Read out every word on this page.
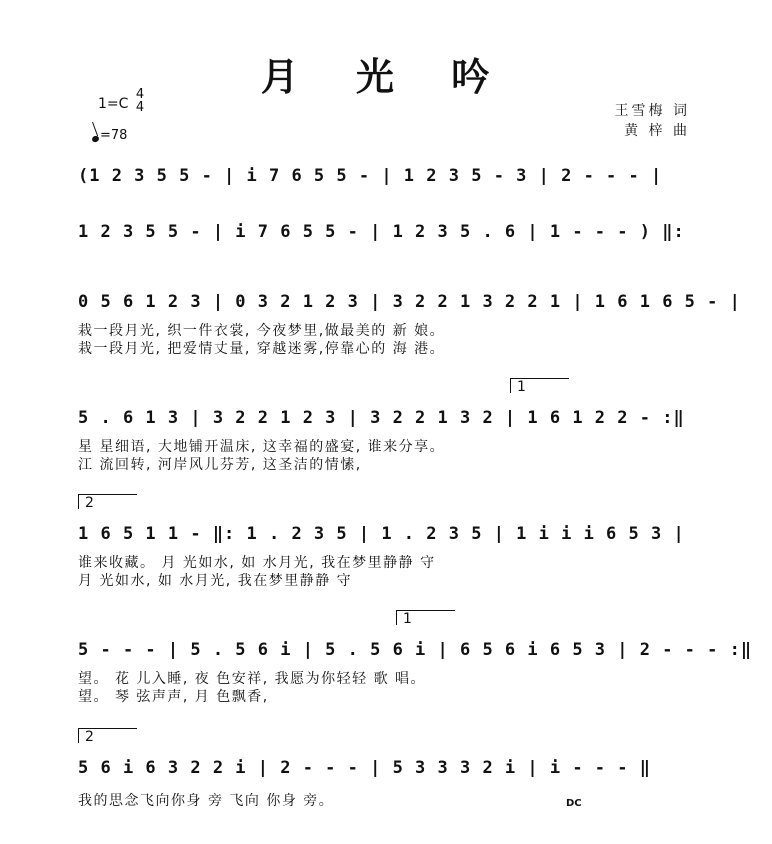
月 光 吟
1=C
4
4
=78
王雪梅 词
黄 梓 曲
(1 2 3 5 5 - | i 7 6 5 5 - | 1 2 3 5 - 3 | 2 - - - |
1 2 3 5 5 - | i 7 6 5 5 - | 1 2 3 5 . 6 | 1 - - - ) ‖:
0 5 6 1 2 3 | 0 3 2 1 2 3 | 3 2 2 1 3 2 2 1 | 1 6 1 6 5 - |
栽一段月光, 织一件衣裳, 今夜梦里,做最美的 新 娘。
栽一段月光, 把爱情丈量, 穿越迷雾,停靠心的 海 港。
1
5 . 6 1 3 | 3 2 2 1 2 3 | 3 2 2 1 3 2 | 1 6 1 2 2 - :‖
星 星细语, 大地铺开温床, 这幸福的盛宴, 谁来分享。
江 流回转, 河岸风儿芬芳, 这圣洁的情愫,
2
1 6 5 1 1 - ‖: 1 . 2 3 5 | 1 . 2 3 5 | 1 i i i 6 5 3 |
谁来收藏。 月 光如水, 如 水月光, 我在梦里静静 守
月 光如水, 如 水月光, 我在梦里静静 守
1
5 - - - | 5 . 5 6 i | 5 . 5 6 i | 6 5 6 i 6 5 3 | 2 - - - :‖
望。 花 儿入睡, 夜 色安祥, 我愿为你轻轻 歌 唱。
望。 琴 弦声声, 月 色飘香,
2
5 6 i 6 3 2 2 i | 2 - - - | 5 3 3 3 2 i | i - - - ‖
我的思念飞向你身 旁 飞向 你身 旁。	DC
